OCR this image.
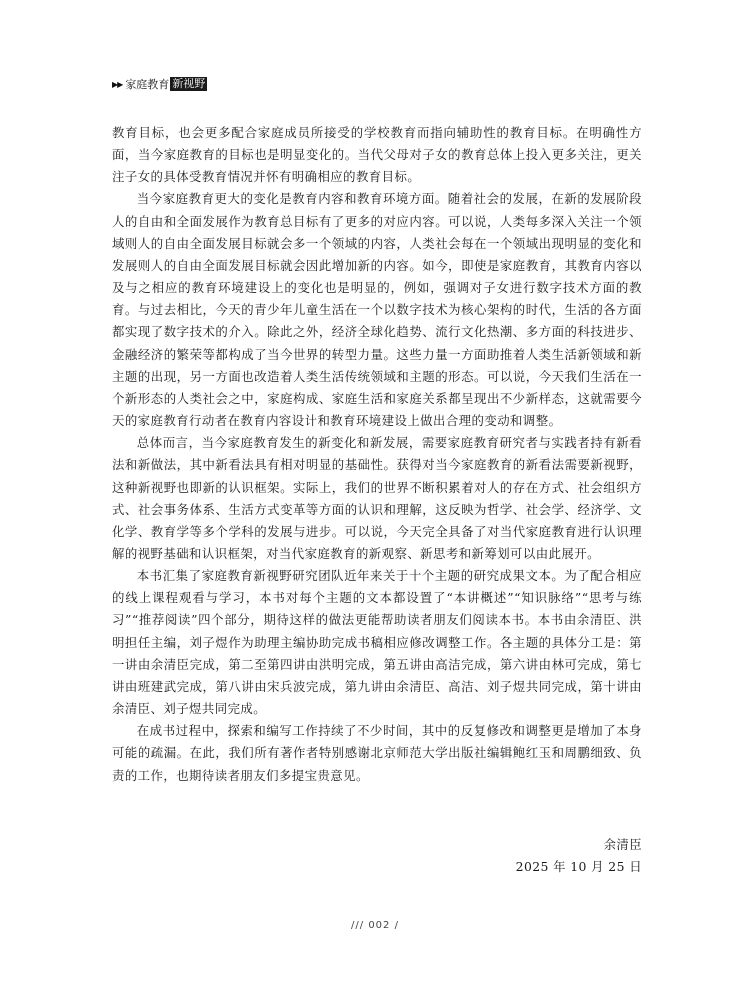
▶▶ 家庭教育 新视野

教育目标，也会更多配合家庭成员所接受的学校教育而指向辅助性的教育目标。在明确性方面，当今家庭教育的目标也是明显变化的。当代父母对子女的教育总体上投入更多关注，更关注子女的具体受教育情况并怀有明确相应的教育目标。

当今家庭教育更大的变化是教育内容和教育环境方面。随着社会的发展，在新的发展阶段人的自由和全面发展作为教育总目标有了更多的对应内容。可以说，人类每多深入关注一个领域则人的自由全面发展目标就会多一个领域的内容，人类社会每在一个领域出现明显的变化和发展则人的自由全面发展目标就会因此增加新的内容。如今，即使是家庭教育，其教育内容以及与之相应的教育环境建设上的变化也是明显的，例如，强调对子女进行数字技术方面的教育。与过去相比，今天的青少年儿童生活在一个以数字技术为核心架构的时代，生活的各方面都实现了数字技术的介入。除此之外，经济全球化趋势、流行文化热潮、多方面的科技进步、金融经济的繁荣等都构成了当今世界的转型力量。这些力量一方面助推着人类生活新领域和新主题的出现，另一方面也改造着人类生活传统领域和主题的形态。可以说，今天我们生活在一个新形态的人类社会之中，家庭构成、家庭生活和家庭关系都呈现出不少新样态，这就需要今天的家庭教育行动者在教育内容设计和教育环境建设上做出合理的变动和调整。

总体而言，当今家庭教育发生的新变化和新发展，需要家庭教育研究者与实践者持有新看法和新做法，其中新看法具有相对明显的基础性。获得对当今家庭教育的新看法需要新视野，这种新视野也即新的认识框架。实际上，我们的世界不断积累着对人的存在方式、社会组织方式、社会事务体系、生活方式变革等方面的认识和理解，这反映为哲学、社会学、经济学、文化学、教育学等多个学科的发展与进步。可以说，今天完全具备了对当代家庭教育进行认识理解的视野基础和认识框架，对当代家庭教育的新观察、新思考和新筹划可以由此展开。

本书汇集了家庭教育新视野研究团队近年来关于十个主题的研究成果文本。为了配合相应的线上课程观看与学习，本书对每个主题的文本都设置了“本讲概述”“知识脉络”“思考与练习”“推荐阅读”四个部分，期待这样的做法更能帮助读者朋友们阅读本书。本书由余清臣、洪明担任主编，刘子煜作为助理主编协助完成书稿相应修改调整工作。各主题的具体分工是：第一讲由余清臣完成，第二至第四讲由洪明完成，第五讲由高洁完成，第六讲由林可完成，第七讲由班建武完成，第八讲由宋兵波完成，第九讲由余清臣、高洁、刘子煜共同完成，第十讲由余清臣、刘子煜共同完成。

在成书过程中，探索和编写工作持续了不少时间，其中的反复修改和调整更是增加了本身可能的疏漏。在此，我们所有著作者特别感谢北京师范大学出版社编辑鲍红玉和周鹏细致、负责的工作，也期待读者朋友们多提宝贵意见。

余清臣
2025 年 10 月 25 日
/// 002 /
